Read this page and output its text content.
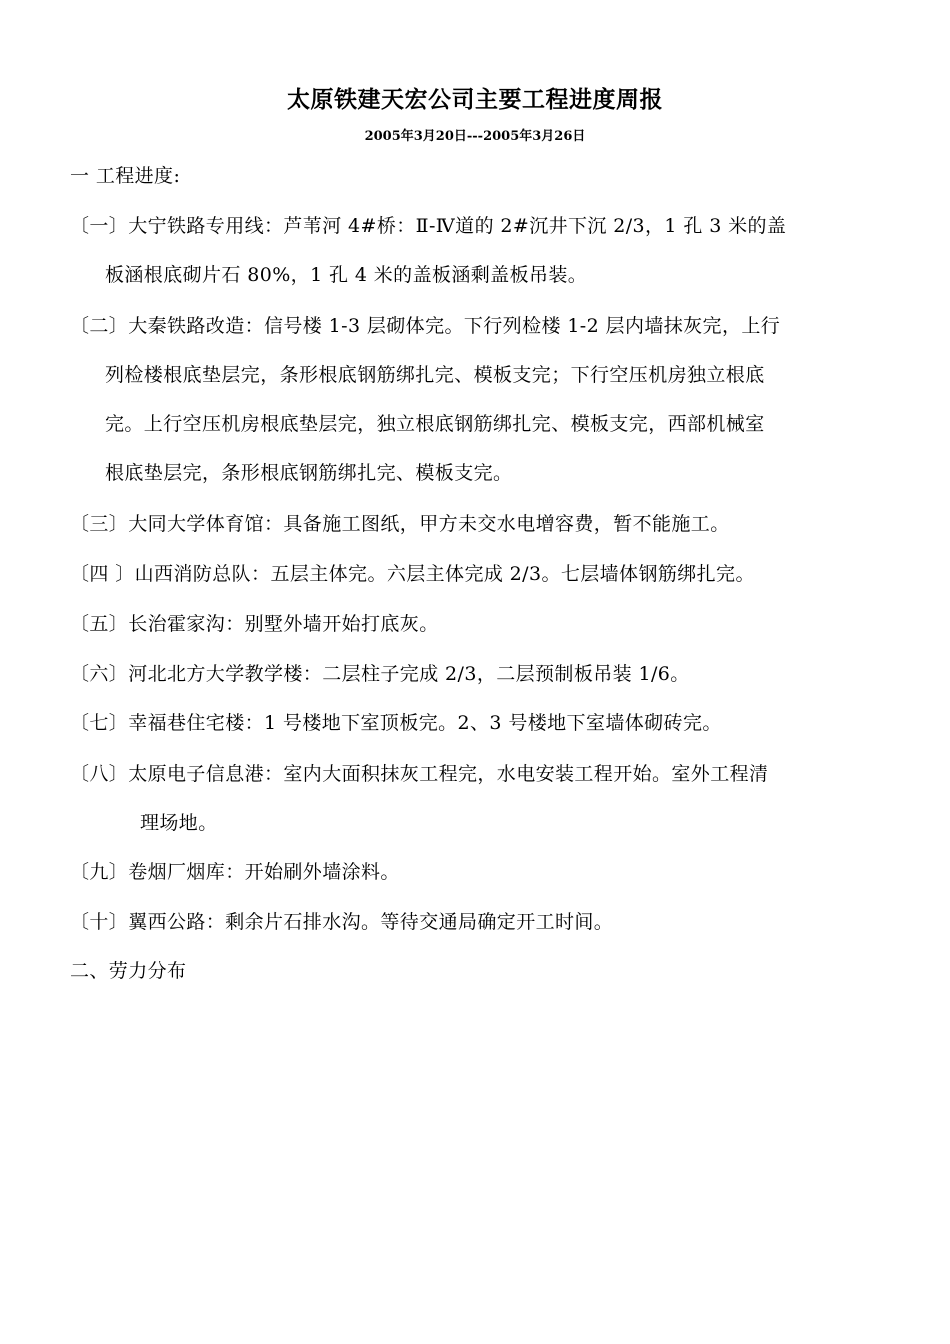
太原铁建天宏公司主要工程进度周报
2005年3月20日---2005年3月26日
一 工程进度:
〔一〕大宁铁路专用线：芦苇河 4#桥：Ⅱ-Ⅳ道的 2#沉井下沉 2/3，1 孔 3 米的盖
板涵根底砌片石 80%，1 孔 4 米的盖板涵剩盖板吊装。
〔二〕大秦铁路改造：信号楼 1-3 层砌体完。下行列检楼 1-2 层内墙抹灰完，上行
列检楼根底垫层完，条形根底钢筋绑扎完、模板支完；下行空压机房独立根底
完。上行空压机房根底垫层完，独立根底钢筋绑扎完、模板支完，西部机械室
根底垫层完，条形根底钢筋绑扎完、模板支完。
〔三〕大同大学体育馆：具备施工图纸，甲方未交水电增容费，暂不能施工。
〔四 〕山西消防总队：五层主体完。六层主体完成 2/3。七层墙体钢筋绑扎完。
〔五〕长治霍家沟：别墅外墙开始打底灰。
〔六〕河北北方大学教学楼：二层柱子完成 2/3，二层预制板吊装 1/6。
〔七〕幸福巷住宅楼：1 号楼地下室顶板完。2、3 号楼地下室墙体砌砖完。
〔八〕太原电子信息港：室内大面积抹灰工程完，水电安装工程开始。室外工程清
理场地。
〔九〕卷烟厂烟库：开始刷外墙涂料。
〔十〕翼西公路：剩余片石排水沟。等待交通局确定开工时间。
二、劳力分布
